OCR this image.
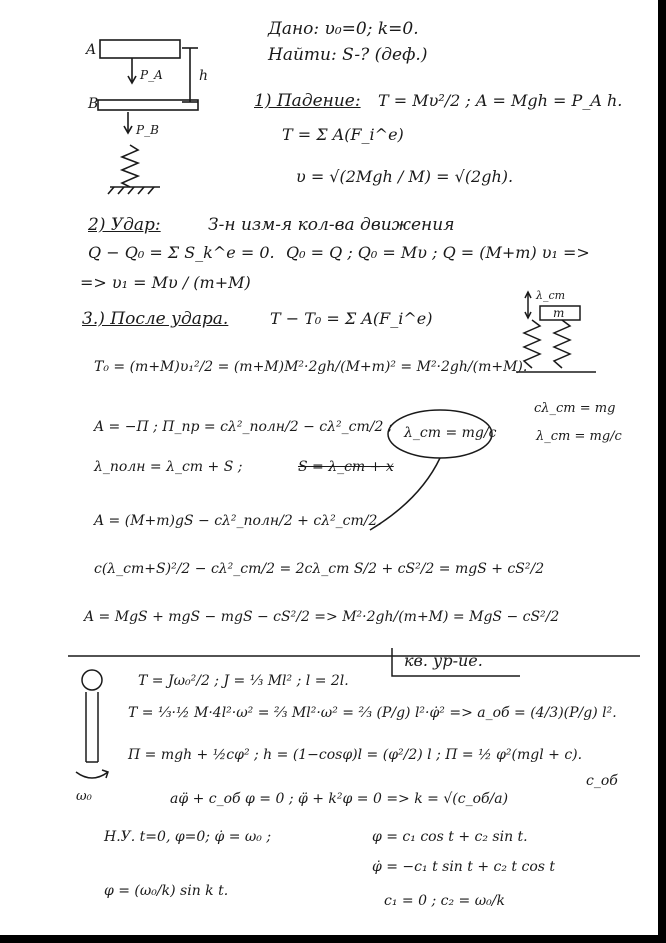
A
B
P_A
P_B
h
λ_ст
m
cλ_ст = mg
λ_ст = mg/c
ω₀
Дано: υ₀=0; k=0.
Найти: S-? (деф.)
1) Падение: T = Mυ²/2 ; A = Mgh = P_A h.
T = Σ A(F_i^e)
υ = √(2Mgh / M) = √(2gh).
2) Удар:	З-н изм-я кол-ва движения
Q − Q₀ = Σ S_k^e = 0. Q₀ = Q ; Q₀ = Mυ ; Q = (M+m) υ₁ =>
=> υ₁ = Mυ / (m+M)
3.) После удара.	T − T₀ = Σ A(F_i^e)
T₀ = (m+M)υ₁²/2 = (m+M)M²·2gh/(M+m)² = M²·2gh/(m+M).
A = −Π ; Π_пр = cλ²_полн/2 − cλ²_ст/2 ; λ_ст = mg/c
λ_полн = λ_ст + S ;	S = λ_ст + x
A = (M+m)gS − cλ²_полн/2 + cλ²_ст/2.
c(λ_ст+S)²/2 − cλ²_ст/2 = 2cλ_ст S/2 + cS²/2 = mgS + cS²/2
A = MgS + mgS − mgS − cS²/2 => M²·2gh/(m+M) = MgS − cS²/2
кв. ур-ие.
T = Jω₀²/2 ; J = ⅓ Ml² ; l = 2l.
T = ⅓·½ M·4l²·ω² = ⅔ Ml²·ω² = ⅔ (P/g) l²·φ̇² => a_об = (4/3)(P/g) l².
Π = mgh + ½cφ² ; h = (1−cosφ)l = (φ²/2) l ; Π = ½ φ²(mgl + c).
c_об
aφ̈ + c_об φ = 0 ; φ̈ + k²φ = 0 => k = √(c_об/a)
Н.У. t=0, φ=0; φ̇ = ω₀ ;	φ = c₁ cos t + c₂ sin t.
φ̇ = −c₁ t sin t + c₂ t cos t
φ = (ω₀/k) sin k t.
c₁ = 0 ; c₂ = ω₀/k
